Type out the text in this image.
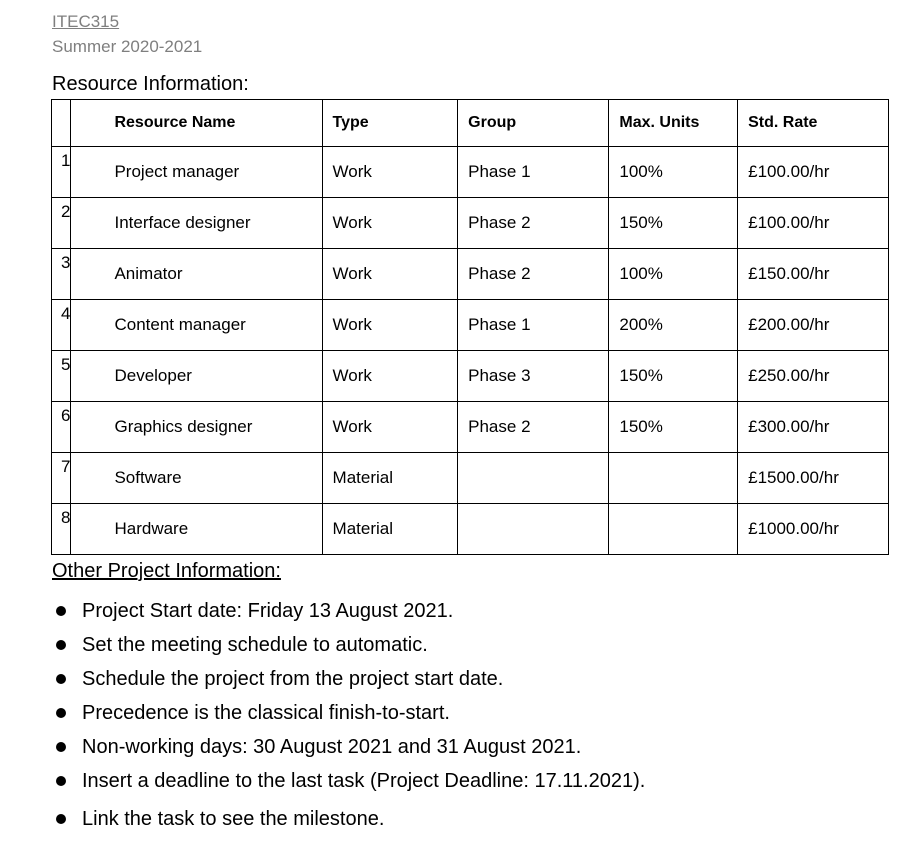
ITEC315
Summer 2020-2021
Resource Information:
	Resource Name	Type	Group	Max. Units	Std. Rate
1	Project manager	Work	Phase 1	100%	£100.00/hr
2	Interface designer	Work	Phase 2	150%	£100.00/hr
3	Animator	Work	Phase 2	100%	£150.00/hr
4	Content manager	Work	Phase 1	200%	£200.00/hr
5	Developer	Work	Phase 3	150%	£250.00/hr
6	Graphics designer	Work	Phase 2	150%	£300.00/hr
7	Software	Material			£1500.00/hr
8	Hardware	Material			£1000.00/hr
Other Project Information:
Project Start date: Friday 13 August 2021.
Set the meeting schedule to automatic.
Schedule the project from the project start date.
Precedence is the classical finish-to-start.
Non-working days: 30 August 2021 and 31 August 2021.
Insert a deadline to the last task (Project Deadline: 17.11.2021).
Link the task to see the milestone.
